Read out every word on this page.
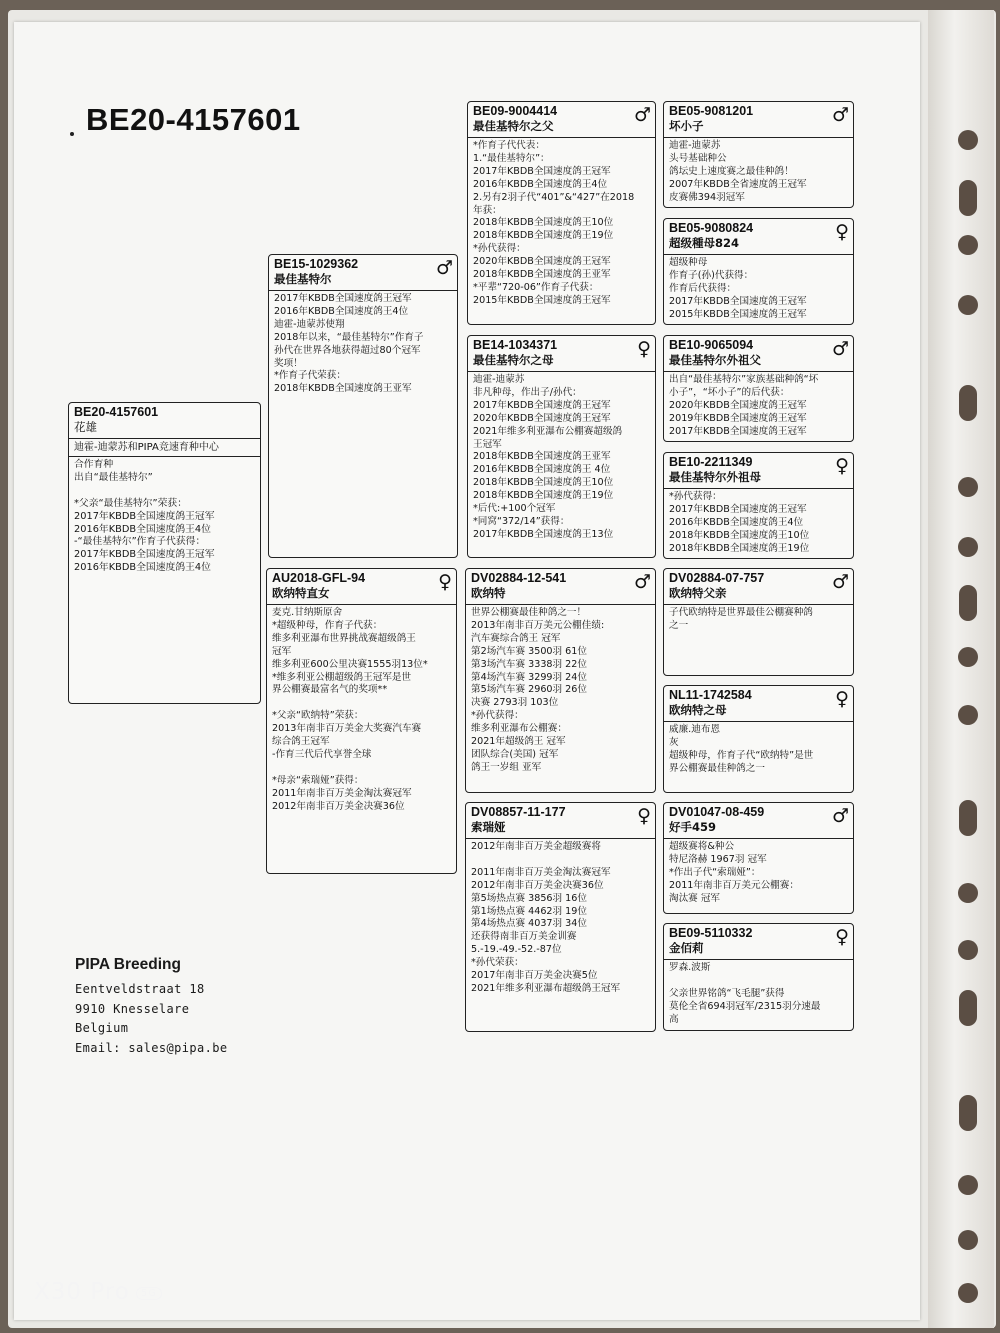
BE20-4157601
BE20-4157601
花雄
迪霍-迪蒙苏和PIPA竞速育种中心
合作育种
出自“最佳基特尔”

*父亲“最佳基特尔”荣获：
2017年KBDB全国速度鸽王冠军
2016年KBDB全国速度鸽王4位
-“最佳基特尔”作育子代获得：
2017年KBDB全国速度鸽王冠军
2016年KBDB全国速度鸽王4位
BE15-1029362
最佳基特尔	♂
2017年KBDB全国速度鸽王冠军
2016年KBDB全国速度鸽王4位
迪霍-迪蒙苏使翔
2018年以来，“最佳基特尔”作育子
孙代在世界各地获得超过80个冠军
奖项！
*作育子代荣获：
2018年KBDB全国速度鸽王亚军
AU2018-GFL-94
欧纳特直女	♀
麦克.甘纳斯原舍
*超级种母，作育子代获：
维多利亚瀑布世界挑战赛超级鸽王
冠军
维多利亚600公里决赛1555羽13位*
*维多利亚公棚超级鸽王冠军是世
界公棚赛最富名气的奖项**

*父亲“欧纳特”荣获：
2013年南非百万美金大奖赛汽车赛
综合鸽王冠军
-作育三代后代享誉全球

*母亲“索瑞娅”获得：
2011年南非百万美金淘汰赛冠军
2012年南非百万美金决赛36位
BE09-9004414
最佳基特尔之父	♂
*作育子代代表：
1.“最佳基特尔”：
2017年KBDB全国速度鸽王冠军
2016年KBDB全国速度鸽王4位
2.另有2羽子代“401”&“427”在2018
年获：
2018年KBDB全国速度鸽王10位
2018年KBDB全国速度鸽王19位
*孙代获得：
2020年KBDB全国速度鸽王冠军
2018年KBDB全国速度鸽王亚军
*平辈“720-06”作育子代获：
2015年KBDB全国速度鸽王冠军
BE14-1034371
最佳基特尔之母	♀
迪霍-迪蒙苏
非凡种母，作出子/孙代：
2017年KBDB全国速度鸽王冠军
2020年KBDB全国速度鸽王冠军
2021年维多利亚瀑布公棚赛超级鸽
王冠军
2018年KBDB全国速度鸽王亚军
2016年KBDB全国速度鸽王 4位
2018年KBDB全国速度鸽王10位
2018年KBDB全国速度鸽王19位
*后代:+100个冠军
*同窝“372/14”获得：
2017年KBDB全国速度鸽王13位
DV02884-12-541
欧纳特	♂
世界公棚赛最佳种鸽之一！
2013年南非百万美元公棚佳绩:
汽车赛综合鸽王 冠军
第2场汽车赛 3500羽 61位
第3场汽车赛 3338羽 22位
第4场汽车赛 3299羽 24位
第5场汽车赛 2960羽 26位
决赛 2793羽 103位
*孙代获得：
维多利亚瀑布公棚赛：
2021年超级鸽王 冠军
团队综合(美国) 冠军
鸽王一岁组 亚军
DV08857-11-177
索瑞娅	♀
2012年南非百万美金超级赛将

2011年南非百万美金淘汰赛冠军
2012年南非百万美金决赛36位
第5场热点赛 3856羽 16位
第1场热点赛 4462羽 19位
第4场热点赛 4037羽 34位
还获得南非百万美金训赛
5.-19.-49.-52.-87位
*孙代荣获：
2017年南非百万美金决赛5位
2021年维多利亚瀑布超级鸽王冠军
BE05-9081201
坏小子	♂
迪霍-迪蒙苏
头号基础种公
鸽坛史上速度赛之最佳种鸽！
2007年KBDB全省速度鸽王冠军
皮赛佛394羽冠军
BE05-9080824
超级種母824	♀
超级种母
作育子(孙)代获得：
作育后代获得：
2017年KBDB全国速度鸽王冠军
2015年KBDB全国速度鸽王冠军
BE10-9065094
最佳基特尔外祖父	♂
出自“最佳基特尔”家族基础种鸽“坏
小子”，“坏小子”的后代获：
2020年KBDB全国速度鸽王冠军
2019年KBDB全国速度鸽王冠军
2017年KBDB全国速度鸽王冠军
BE10-2211349
最佳基特尔外祖母	♀
*孙代获得：
2017年KBDB全国速度鸽王冠军
2016年KBDB全国速度鸽王4位
2018年KBDB全国速度鸽王10位
2018年KBDB全国速度鸽王19位
DV02884-07-757
欧纳特父亲	♂
子代欧纳特是世界最佳公棚赛种鸽
之一
NL11-1742584
欧纳特之母	♀
威廉.迪布恩
灰
超级种母，作育子代“欧纳特”是世
界公棚赛最佳种鸽之一
DV01047-08-459
好手459	♂
超级赛将&种公
特尼洛赫 1967羽 冠军
*作出子代“索瑞娅”：
2011年南非百万美元公棚赛：
淘汰赛 冠军
BE09-5110332
金佰莉	♀
罗森.波斯

父亲世界铭鸽“飞毛腿”获得
莫伦全省694羽冠军/2315羽分速最
高
PIPA Breeding
Eentveldstraat 18
9910 Knesselare
Belgium
Email: sales@pipa.be
X30 Pro 5G
